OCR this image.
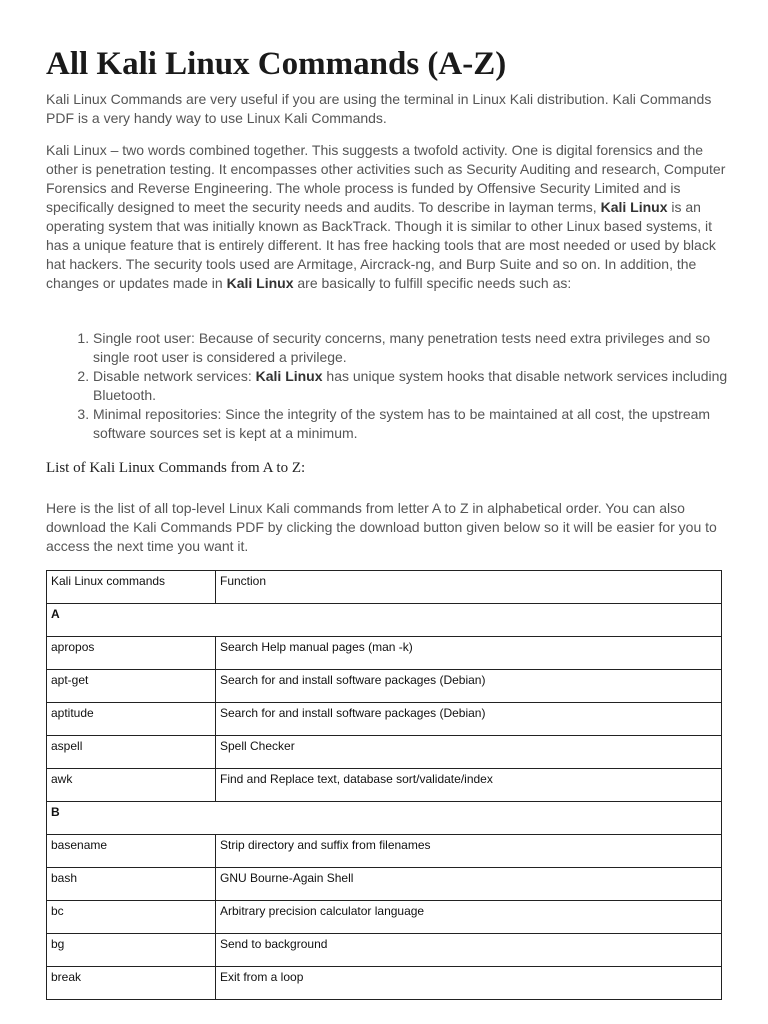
All Kali Linux Commands (A-Z)

Kali Linux Commands are very useful if you are using the terminal in Linux Kali distribution. Kali Commands PDF is a very handy way to use Linux Kali Commands.

Kali Linux – two words combined together. This suggests a twofold activity. One is digital forensics and the other is penetration testing. It encompasses other activities such as Security Auditing and research, Computer Forensics and Reverse Engineering. The whole process is funded by Offensive Security Limited and is specifically designed to meet the security needs and audits. To describe in layman terms, Kali Linux is an operating system that was initially known as BackTrack. Though it is similar to other Linux based systems, it has a unique feature that is entirely different. It has free hacking tools that are most needed or used by black hat hackers. The security tools used are Armitage, Aircrack-ng, and Burp Suite and so on. In addition, the changes or updates made in Kali Linux are basically to fulfill specific needs such as:

1. Single root user: Because of security concerns, many penetration tests need extra privileges and so single root user is considered a privilege.
2. Disable network services: Kali Linux has unique system hooks that disable network services including Bluetooth.
3. Minimal repositories: Since the integrity of the system has to be maintained at all cost, the upstream software sources set is kept at a minimum.
List of Kali Linux Commands from A to Z:

Here is the list of all top-level Linux Kali commands from letter A to Z in alphabetical order. You can also download the Kali Commands PDF by clicking the download button given below so it will be easier for you to access the next time you want it.

Kali Linux commands	Function
A	
apropos	Search Help manual pages (man -k)
apt-get	Search for and install software packages (Debian)
aptitude	Search for and install software packages (Debian)
aspell	Spell Checker
awk	Find and Replace text, database sort/validate/index
B	
basename	Strip directory and suffix from filenames
bash	GNU Bourne-Again Shell
bc	Arbitrary precision calculator language
bg	Send to background
break	Exit from a loop
